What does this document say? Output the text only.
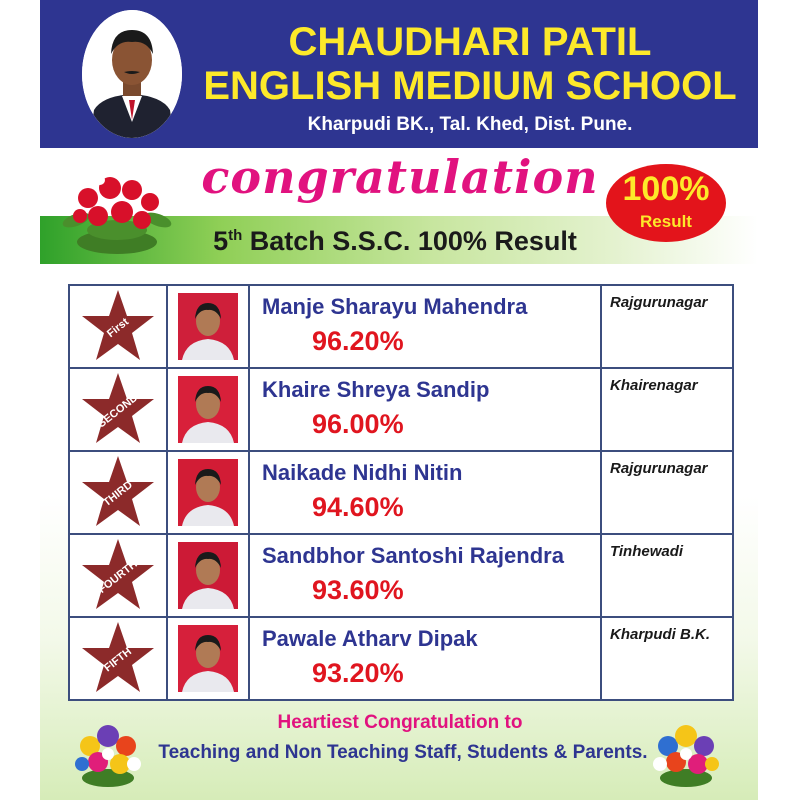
CHAUDHARI PATIL
ENGLISH MEDIUM SCHOOL
Kharpudi BK., Tal. Khed, Dist. Pune.
congratulation 100%
Result
5th Batch S.S.C. 100% Result
First
Manje Sharayu Mahendra
96.20%
Rajgurunagar
SECOND
Khaire Shreya Sandip
96.00%
Khairenagar
THIRD
Naikade Nidhi Nitin
94.60%
Rajgurunagar
FOURTH
Sandbhor Santoshi Rajendra
93.60%
Tinhewadi
FIFTH
Pawale Atharv Dipak
93.20%
Kharpudi B.K.
Heartiest Congratulation to
Teaching and Non Teaching Staff, Students & Parents.
